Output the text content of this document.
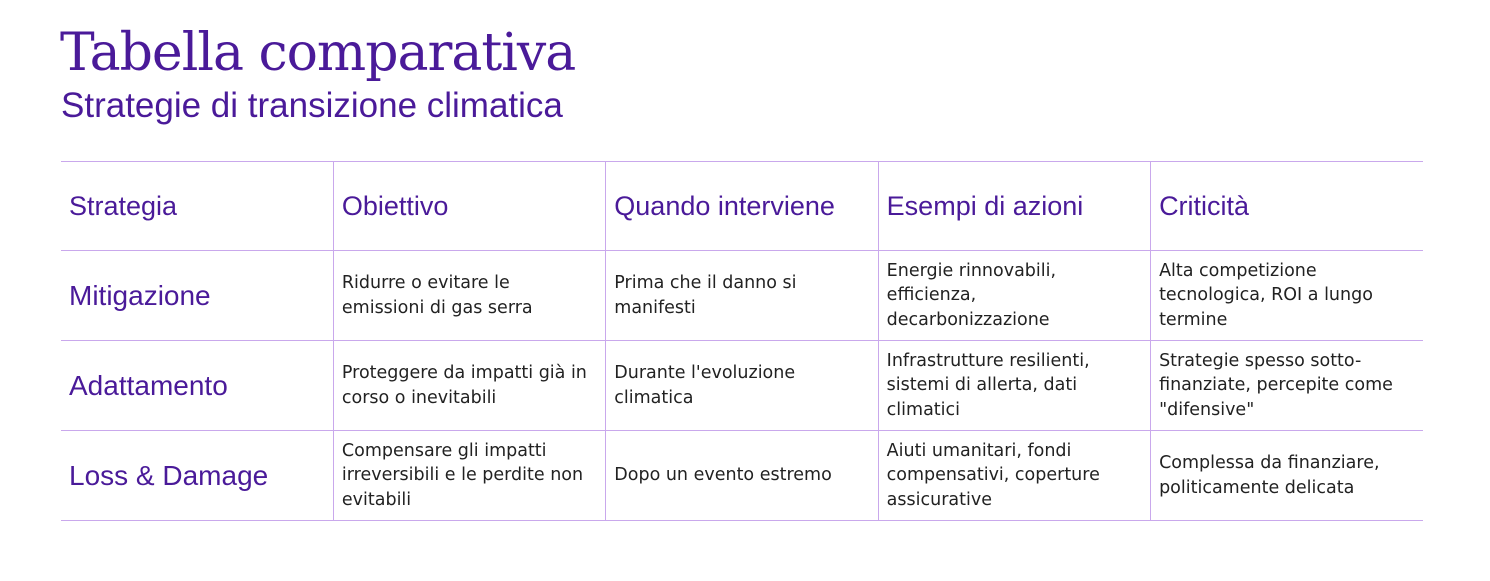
Tabella comparativa
Strategie di transizione climatica
Strategia	Obiettivo	Quando interviene	Esempi di azioni	Criticità
Mitigazione	Ridurre o evitare le emissioni di gas serra	Prima che il danno si manifesti	Energie rinnovabili, efficienza, decarbonizzazione	Alta competizione tecnologica, ROI a lungo termine
Adattamento	Proteggere da impatti già in corso o inevitabili	Durante l'evoluzione climatica	Infrastrutture resilienti, sistemi di allerta, dati climatici	Strategie spesso sotto-finanziate, percepite come "difensive"
Loss & Damage	Compensare gli impatti irreversibili e le perdite non evitabili	Dopo un evento estremo	Aiuti umanitari, fondi compensativi, coperture assicurative	Complessa da finanziare, politicamente delicata
